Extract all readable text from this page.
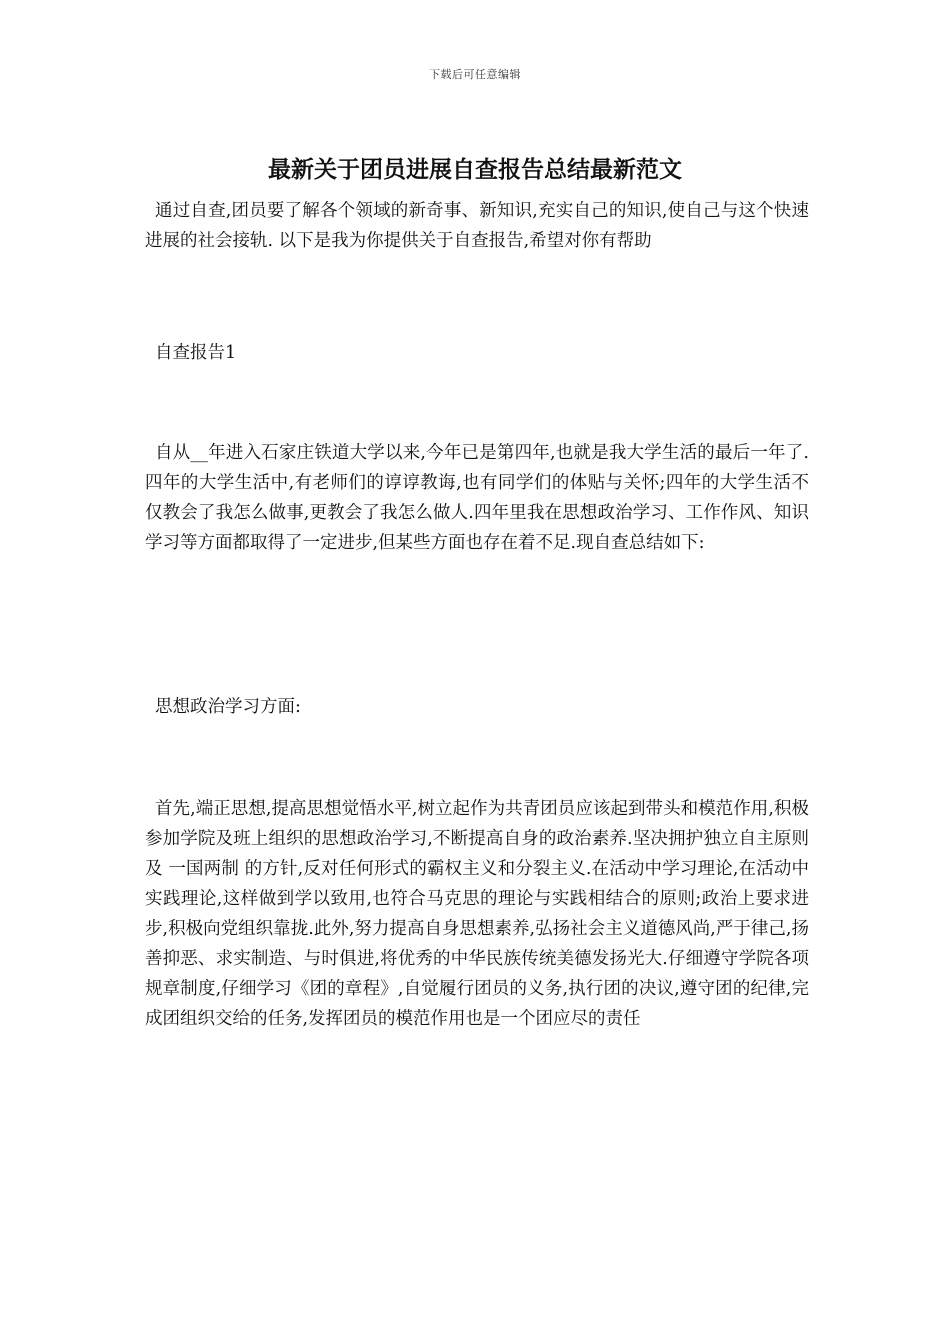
下载后可任意编辑
最新关于团员进展自查报告总结最新范文

通过自查,团员要了解各个领域的新奇事、新知识,充实自己的知识,使自己与这个快速进展的社会接轨. 以下是我为你提供关于自查报告,希望对你有帮助

自查报告1

自从__年进入石家庄铁道大学以来,今年已是第四年,也就是我大学生活的最后一年了.四年的大学生活中,有老师们的谆谆教诲,也有同学们的体贴与关怀;四年的大学生活不仅教会了我怎么做事,更教会了我怎么做人.四年里我在思想政治学习、工作作风、知识学习等方面都取得了一定进步,但某些方面也存在着不足.现自查总结如下:

思想政治学习方面:

首先,端正思想,提高思想觉悟水平,树立起作为共青团员应该起到带头和模范作用,积极参加学院及班上组织的思想政治学习,不断提高自身的政治素养.坚决拥护独立自主原则及 一国两制 的方针,反对任何形式的霸权主义和分裂主义.在活动中学习理论,在活动中实践理论,这样做到学以致用,也符合马克思的理论与实践相结合的原则;政治上要求进步,积极向党组织靠拢.此外,努力提高自身思想素养,弘扬社会主义道德风尚,严于律己,扬善抑恶、求实制造、与时俱进,将优秀的中华民族传统美德发扬光大.仔细遵守学院各项规章制度,仔细学习《团的章程》,自觉履行团员的义务,执行团的决议,遵守团的纪律,完成团组织交给的任务,发挥团员的模范作用也是一个团应尽的责任
